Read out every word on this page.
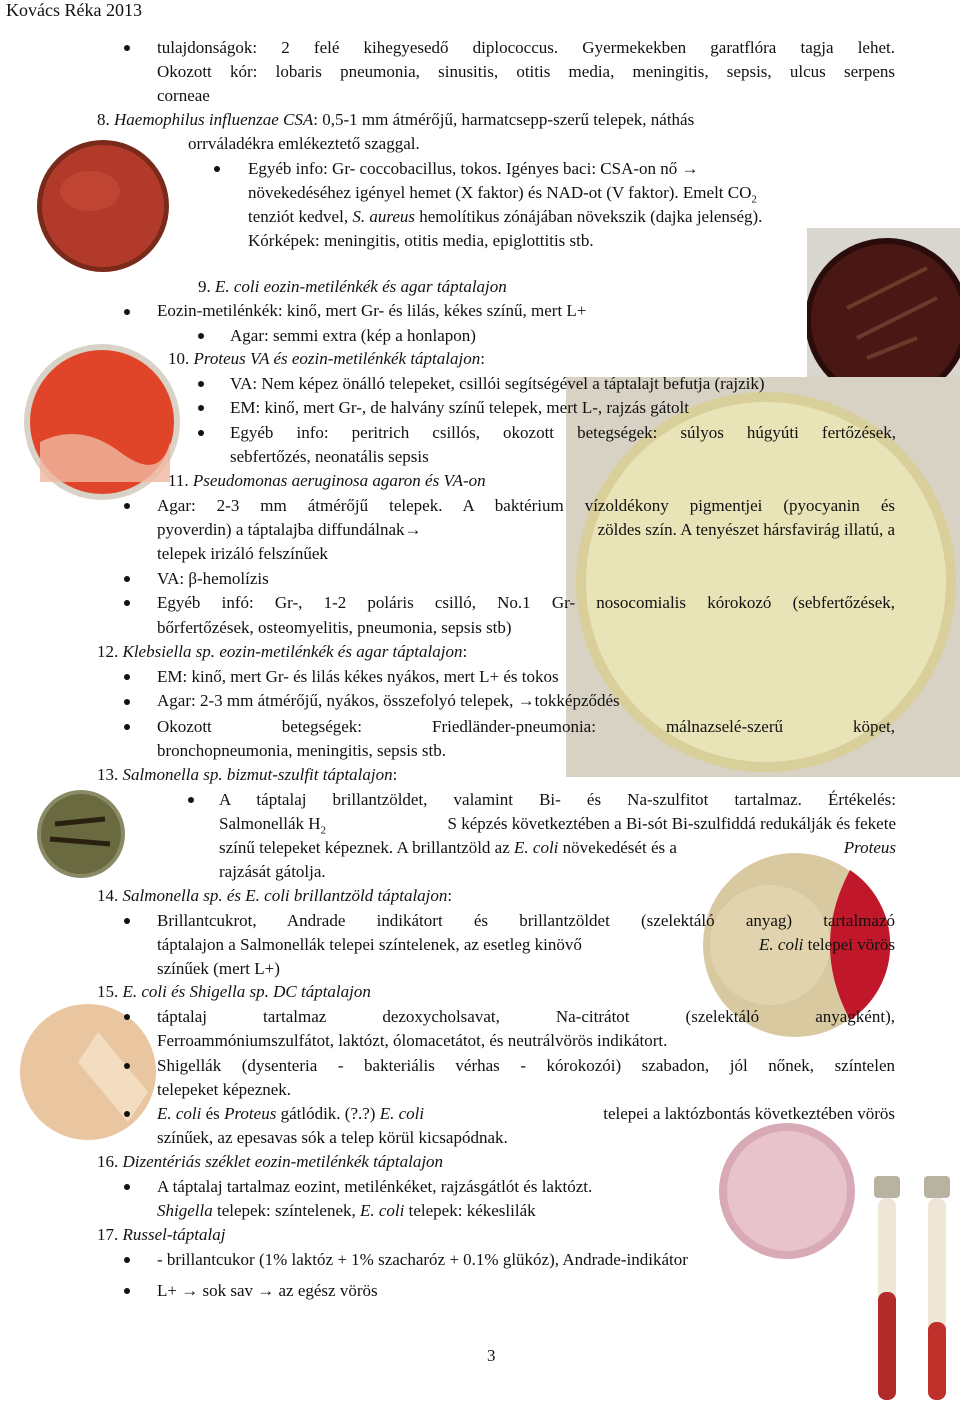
Kovács Réka 2013
tulajdonságok: 2 felé kihegyesedő diplococcus. Gyermekekben garatflóra tagja lehet.
Okozott kór: lobaris pneumonia, sinusitis, otitis media, meningitis, sepsis, ulcus serpens
corneae
8. Haemophilus influenzae CSA: 0,5-1 mm átmérőjű, harmatcsepp-szerű telepek, náthás
orrváladékra emlékeztető szaggal.
Egyéb info: Gr- coccobacillus, tokos. Igényes baci: CSA-on nő →
növekedéséhez igényel hemet (X faktor) és NAD-ot (V faktor). Emelt $CO_2$
tenziót kedvel, S. aureus hemolítikus zónájában növekszik (dajka jelenség).
Kórképek: meningitis, otitis media, epiglottitis stb.
9. E. coli eozin-metilénkék és agar táptalajon
Eozin-metilénkék: kinő, mert Gr- és lilás, kékes színű, mert L+
Agar: semmi extra (kép a honlapon)
10. Proteus VA és eozin-metilénkék táptalajon:
VA: Nem képez önálló telepeket, csillói segítségével a táptalajt befutja (rajzik)
EM: kinő, mert Gr-, de halvány színű telepek, mert L-, rajzás gátolt
Egyéb info: peritrich csillós, okozott betegségek: súlyos húgyúti fertőzések,
sebfertőzés, neonatális sepsis
11. Pseudomonas aeruginosa agaron és VA-on
Agar: 2-3 mm átmérőjű telepek. A baktérium vízoldékony pigmentjei (pyocyanin és
pyoverdin) a táptalajba diffundálnak→	zöldes szín. A tenyészet hársfavirág illatú, a
telepek irizáló felszínűek
VA: β-hemolízis
Egyéb infó: Gr-, 1-2 poláris csilló, No.1 Gr- nosocomialis kórokozó (sebfertőzések,
bőrfertőzések, osteomyelitis, pneumonia, sepsis stb)
12. Klebsiella sp. eozin-metilénkék és agar táptalajon:
EM: kinő, mert Gr- és lilás kékes nyákos, mert L+ és tokos
Agar: 2-3 mm átmérőjű, nyákos, összefolyó telepek, →tokképződés
Okozott betegségek: Friedländer-pneumonia: málnazselé-szerű köpet,
bronchopneumonia, meningitis, sepsis stb.
13. Salmonella sp. bizmut-szulfit táptalajon:
A táptalaj brillantzöldet, valamint Bi- és Na-szulfitot tartalmaz. Értékelés:
Salmonellák $H_2$	S képzés következtében a Bi-sót Bi-szulfiddá redukálják és fekete
színű telepeket képeznek. A brillantzöld az E. coli növekedését és a	Proteus
rajzását gátolja.
14. Salmonella sp. és E. coli brillantzöld táptalajon:
Brillantcukrot, Andrade indikátort és brillantzöldet (szelektáló anyag) tartalmazó
táptalajon a Salmonellák telepei színtelenek, az esetleg kinövő	E. coli telepei vörös
színűek (mert L+)
15. E. coli és Shigella sp. DC táptalajon
táptalaj tartalmaz dezoxycholsavat, Na-citrátot (szelektáló anyagként),
Ferroammóniumszulfátot, laktózt, ólomacetátot, és neutrálvörös indikátort.
Shigellák (dysenteria - bakteriális vérhas - kórokozói) szabadon, jól nőnek, színtelen
telepeket képeznek.
E. coli és Proteus gátlódik. (?.?) E. coli	telepei a laktózbontás következtében vörös
színűek, az epesavas sók a telep körül kicsapódnak.
16. Dizentériás széklet eozin-metilénkék táptalajon
A táptalaj tartalmaz eozint, metilénkéket, rajzásgátlót és laktózt.
Shigella telepek: színtelenek, E. coli telepek: kékeslilák
17. Russel-táptalaj
- brillantcukor (1% laktóz + 1% szacharóz + 0.1% glükóz), Andrade-indikátor
L+ → sok sav → az egész vörös
3
